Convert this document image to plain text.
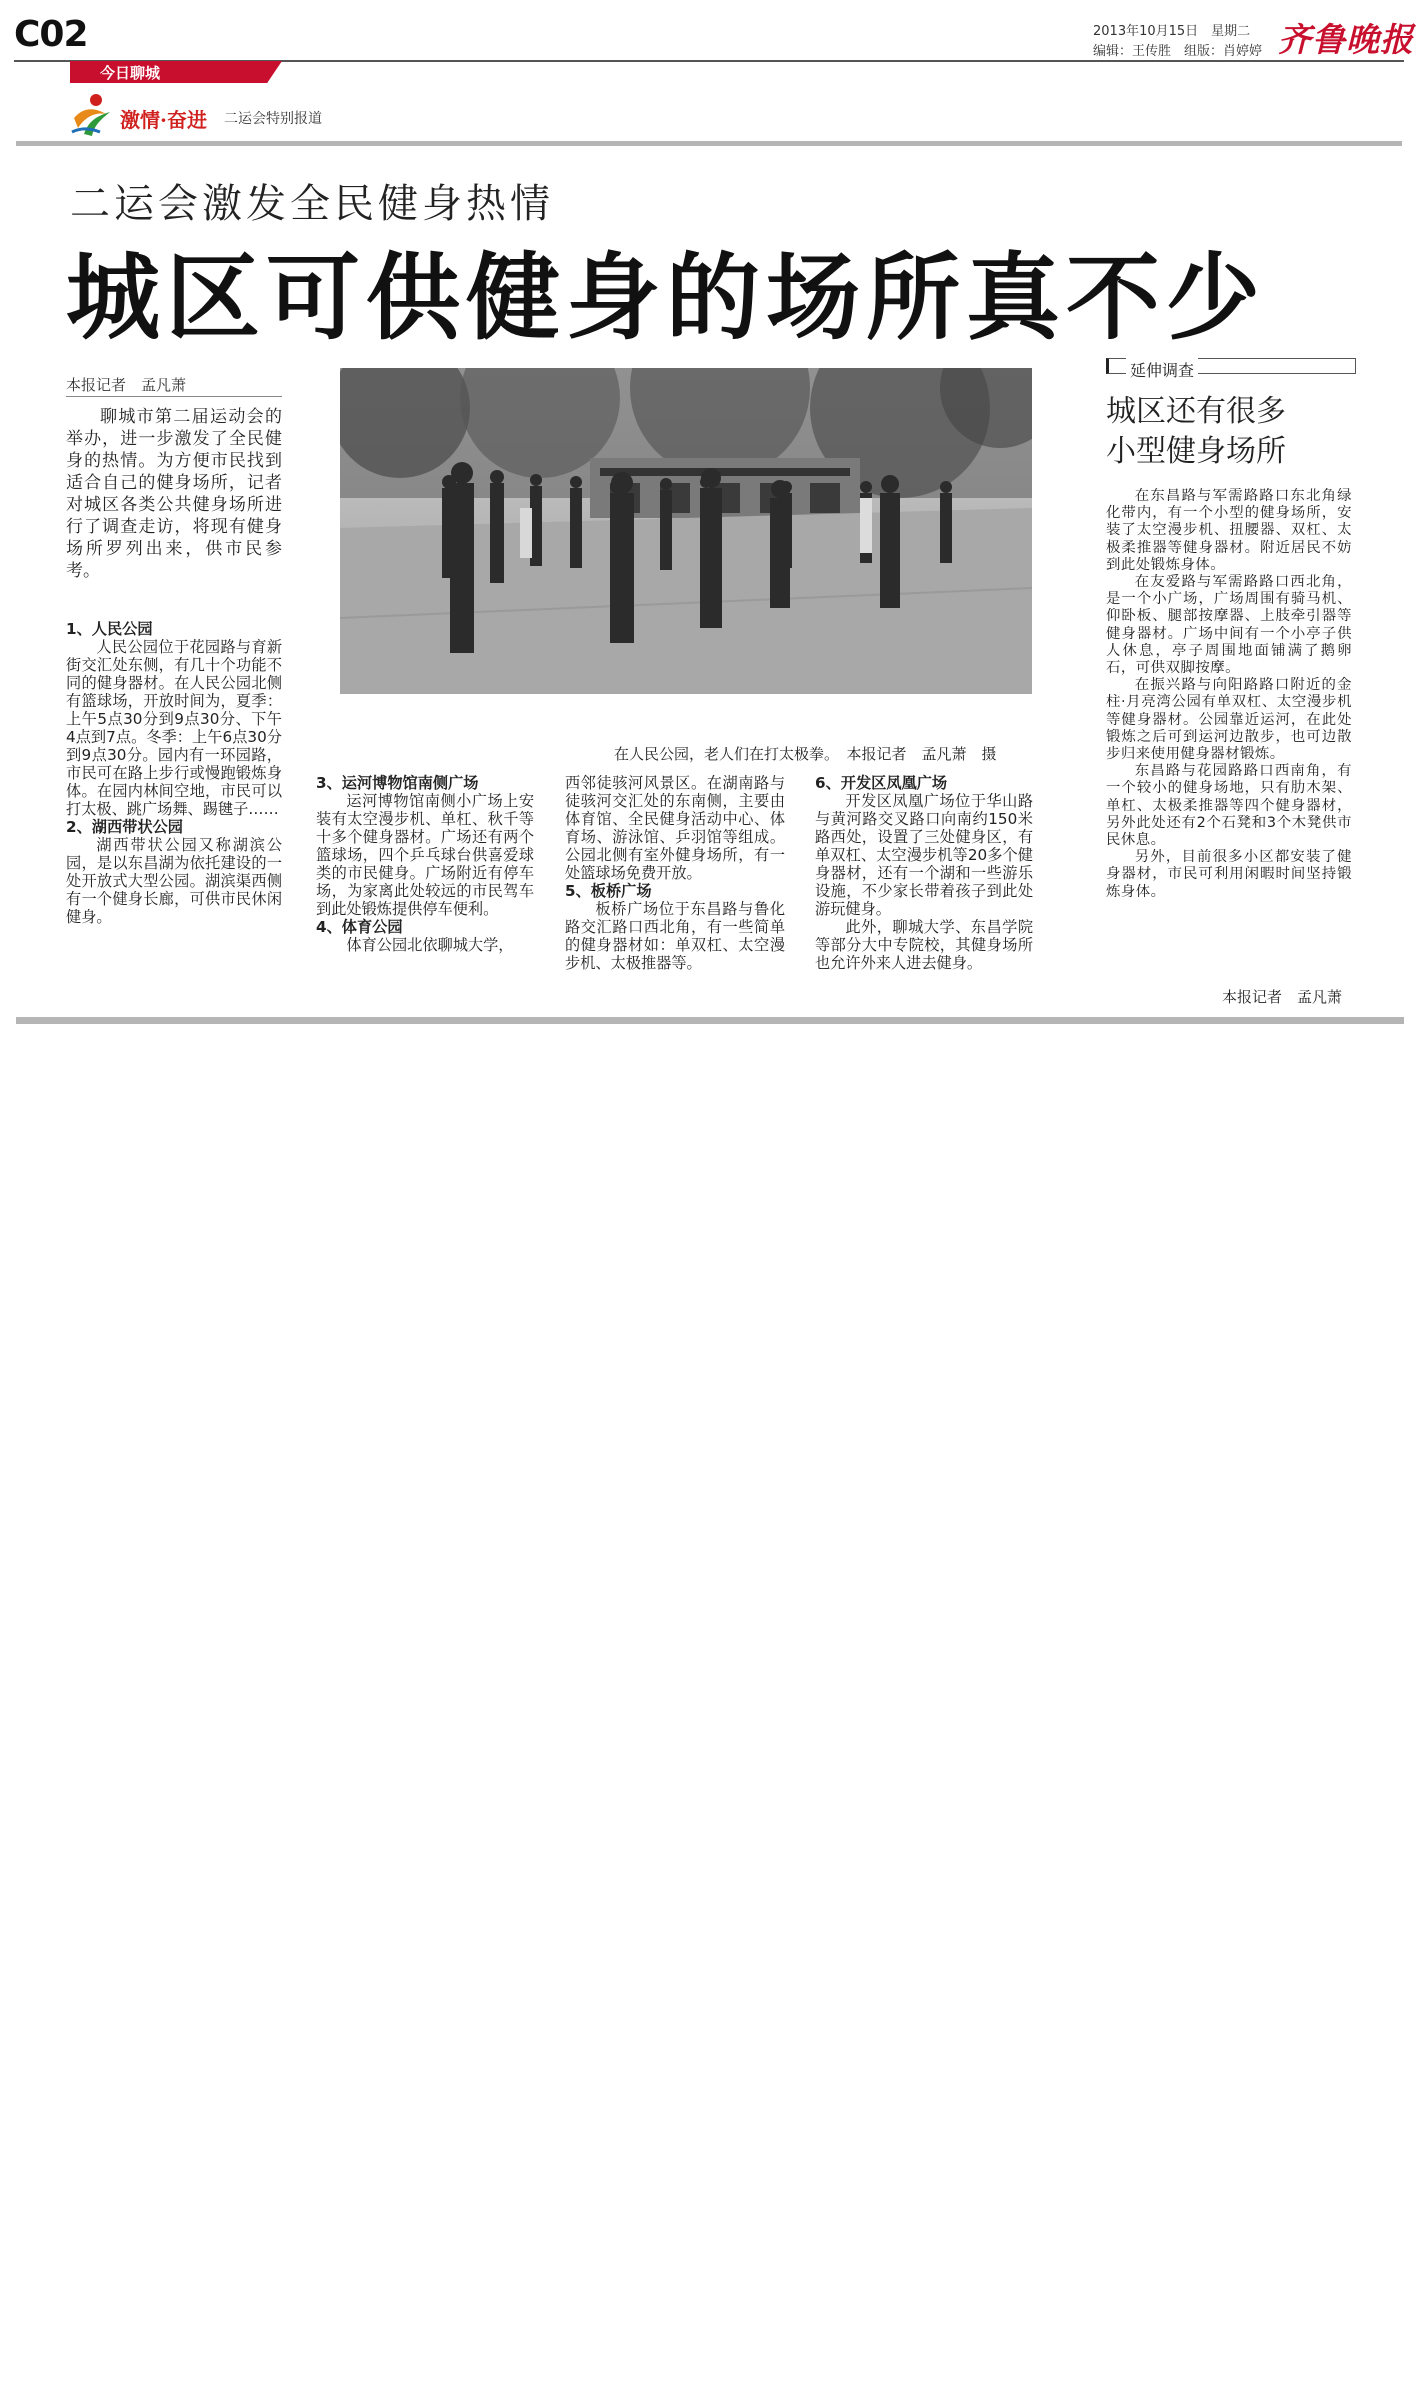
C02	2013年10月15日　星期二
编辑：王传胜　组版：肖婷婷 齐鲁晚报
今日聊城
激情·奋进 二运会特别报道
二运会激发全民健身热情
城区可供健身的场所真不少
本报记者　孟凡萧

聊城市第二届运动会的举办，进一步激发了全民健身的热情。为方便市民找到适合自己的健身场所，记者对城区各类公共健身场所进行了调查走访，将现有健身场所罗列出来，供市民参考。

1、人民公园

人民公园位于花园路与育新街交汇处东侧，有几十个功能不同的健身器材。在人民公园北侧有篮球场，开放时间为，夏季：上午5点30分到9点30分、下午4点到7点。冬季：上午6点30分到9点30分。园内有一环园路，市民可在路上步行或慢跑锻炼身体。在园内林间空地，市民可以打太极、跳广场舞、踢毽子……

2、湖西带状公园

湖西带状公园又称湖滨公园，是以东昌湖为依托建设的一处开放式大型公园。湖滨渠西侧有一个健身长廊，可供市民休闲健身。

在人民公园，老人们在打太极拳。　本报记者　孟凡萧　摄

3、运河博物馆南侧广场

运河博物馆南侧小广场上安装有太空漫步机、单杠、秋千等十多个健身器材。广场还有两个篮球场，四个乒乓球台供喜爱球类的市民健身。广场附近有停车场，为家离此处较远的市民驾车到此处锻炼提供停车便利。

4、体育公园

体育公园北依聊城大学，

西邻徒骇河风景区。在湖南路与徒骇河交汇处的东南侧，主要由体育馆、全民健身活动中心、体育场、游泳馆、乒羽馆等组成。公园北侧有室外健身场所，有一处篮球场免费开放。

5、板桥广场

板桥广场位于东昌路与鲁化路交汇路口西北角，有一些简单的健身器材如：单双杠、太空漫步机、太极推器等。

6、开发区凤凰广场

开发区凤凰广场位于华山路与黄河路交叉路口向南约150米路西处，设置了三处健身区，有单双杠、太空漫步机等20多个健身器材，还有一个湖和一些游乐设施，不少家长带着孩子到此处游玩健身。

此外，聊城大学、东昌学院等部分大中专院校，其健身场所也允许外来人进去健身。

延伸调查
城区还有很多
小型健身场所

在东昌路与军需路路口东北角绿化带内，有一个小型的健身场所，安装了太空漫步机、扭腰器、双杠、太极柔推器等健身器材。附近居民不妨到此处锻炼身体。

在友爱路与军需路路口西北角，是一个小广场，广场周围有骑马机、仰卧板、腿部按摩器、上肢牵引器等健身器材。广场中间有一个小亭子供人休息，亭子周围地面铺满了鹅卵石，可供双脚按摩。

在振兴路与向阳路路口附近的金柱·月亮湾公园有单双杠、太空漫步机等健身器材。公园靠近运河，在此处锻炼之后可到运河边散步，也可边散步归来使用健身器材锻炼。

东昌路与花园路路口西南角，有一个较小的健身场地，只有肋木架、单杠、太极柔推器等四个健身器材，另外此处还有2个石凳和3个木凳供市民休息。

另外，目前很多小区都安装了健身器材，市民可利用闲暇时间坚持锻炼身体。

本报记者　孟凡萧
